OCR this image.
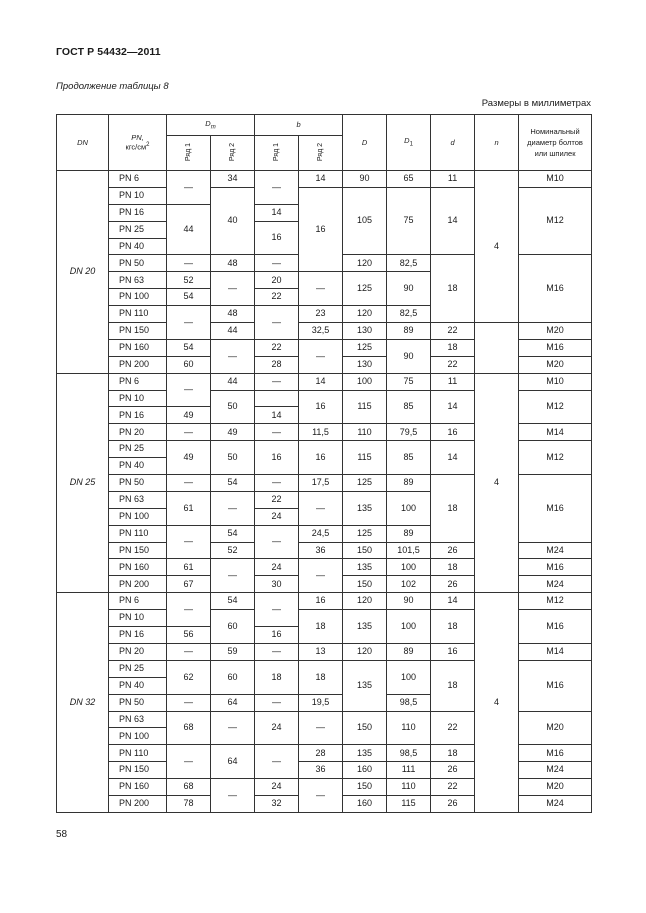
ГОСТ Р 54432—2011
Продолжение таблицы 8
Размеры в миллиметрах
DN	PN,
кгс/$см^2$	$D_m$		b		D	$D_1$	d	n	Номинальный диаметр болтов или шпилек
		Ряд 1	Ряд 2	Ряд 1	Ряд 2					
DN 20	PN 6	—	34	—	14	90	65	11	4	M10
	PN 10		40		16	105	75	14		M12
	PN 16	44		14						
	PN 25			16						
	PN 40									
	PN 50	—	48	—		120	82,5	18		M16
	PN 63	52	—	20	—	125	90			
	PN 100	54		22						
	PN 110	—	48	—	23	120	82,5			
	PN 150		44		32,5	130	89	22		M20
	PN 160	54	—	22	—	125	90	18		M16
	PN 200	60		28		130		22		M20
DN 25	PN 6	—	44	—	14	100	75	11	4	M10
	PN 10		50		16	115	85	14		M12
	PN 16	49		14						
	PN 20	—	49	—	11,5	110	79,5	16		M14
	PN 25	49	50	16	16	115	85	14		M12
	PN 40									
	PN 50	—	54	—	17,5	125	89	18		M16
	PN 63	61	—	22	—	135	100			
	PN 100			24						
	PN 110	—	54	—	24,5	125	89			
	PN 150		52		36	150	101,5	26		M24
	PN 160	61	—	24	—	135	100	18		M16
	PN 200	67		30		150	102	26		M24
DN 32	PN 6	—	54	—	16	120	90	14	4	M12
	PN 10		60		18	135	100	18		M16
	PN 16	56		16						
	PN 20	—	59	—	13	120	89	16		M14
	PN 25	62	60	18	18	135	100	18		M16
	PN 40									
	PN 50	—	64	—	19,5		98,5			
	PN 63	68	—	24	—	150	110	22		M20
	PN 100									
	PN 110	—	64	—	28	135	98,5	18		M16
	PN 150				36	160	111	26		M24
	PN 160	68	—	24	—	150	110	22		M20
	PN 200	78		32		160	115	26		M24
58
